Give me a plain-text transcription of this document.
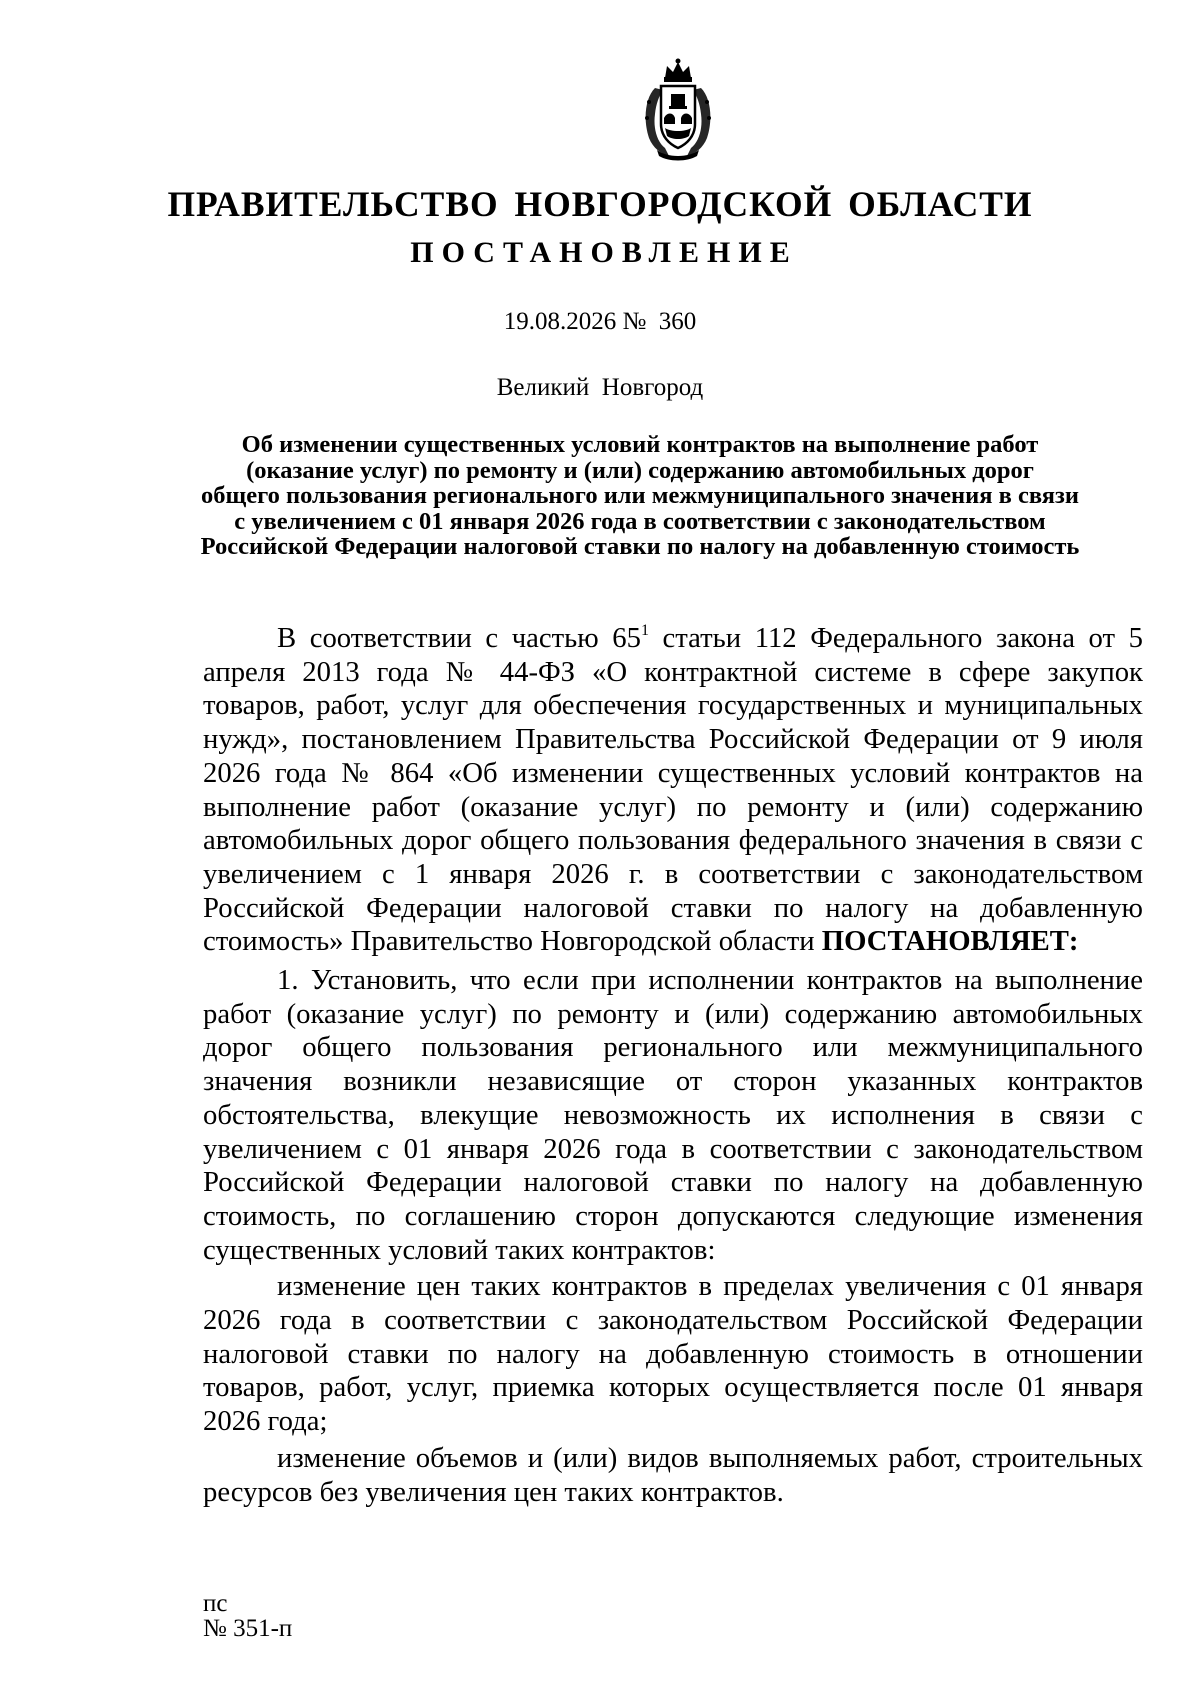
ПРАВИТЕЛЬСТВО НОВГОРОДСКОЙ ОБЛАСТИ
ПОСТАНОВЛЕНИЕ
19.08.2026 №  360
Великий  Новгород
Об изменении существенных условий контрактов на выполнение работ
(оказание услуг) по ремонту и (или) содержанию автомобильных дорог
общего пользования регионального или межмуниципального значения в связи
с увеличением с 01 января 2026 года в соответствии с законодательством
Российской Федерации налоговой ставки по налогу на добавленную стоимость

В соответствии с частью $65^1$ статьи 112 Федерального закона от 5 апреля 2013 года № 44-ФЗ «О контрактной системе в сфере закупок товаров, работ, услуг для обеспечения государственных и муниципальных нужд», постановлением Правительства Российской Федерации от 9 июля 2026 года № 864 «Об изменении существенных условий контрактов на выполнение работ (оказание услуг) по ремонту и (или) содержанию автомобильных дорог общего пользования федерального значения в связи с увеличением с 1 января 2026 г. в соответствии с законодательством Российской Федерации налоговой ставки по налогу на добавленную стоимость» Правительство Новгородской области ПОСТАНОВЛЯЕТ:

1. Установить, что если при исполнении контрактов на выполнение работ (оказание услуг) по ремонту и (или) содержанию автомобильных дорог общего пользования регионального или межмуниципального значения возникли независящие от сторон указанных контрактов обстоятельства, влекущие невозможность их исполнения в связи с увеличением с 01 января 2026 года в соответствии с законодательством Российской Федерации налоговой ставки по налогу на добавленную стоимость, по соглашению сторон допускаются следующие изменения существенных условий таких контрактов:

изменение цен таких контрактов в пределах увеличения с 01 января 2026 года в соответствии с законодательством Российской Федерации налоговой ставки по налогу на добавленную стоимость в отношении товаров, работ, услуг, приемка которых осуществляется после 01 января 2026 года;

изменение объемов и (или) видов выполняемых работ, строительных ресурсов без увеличения цен таких контрактов.

пс
№ 351-п
